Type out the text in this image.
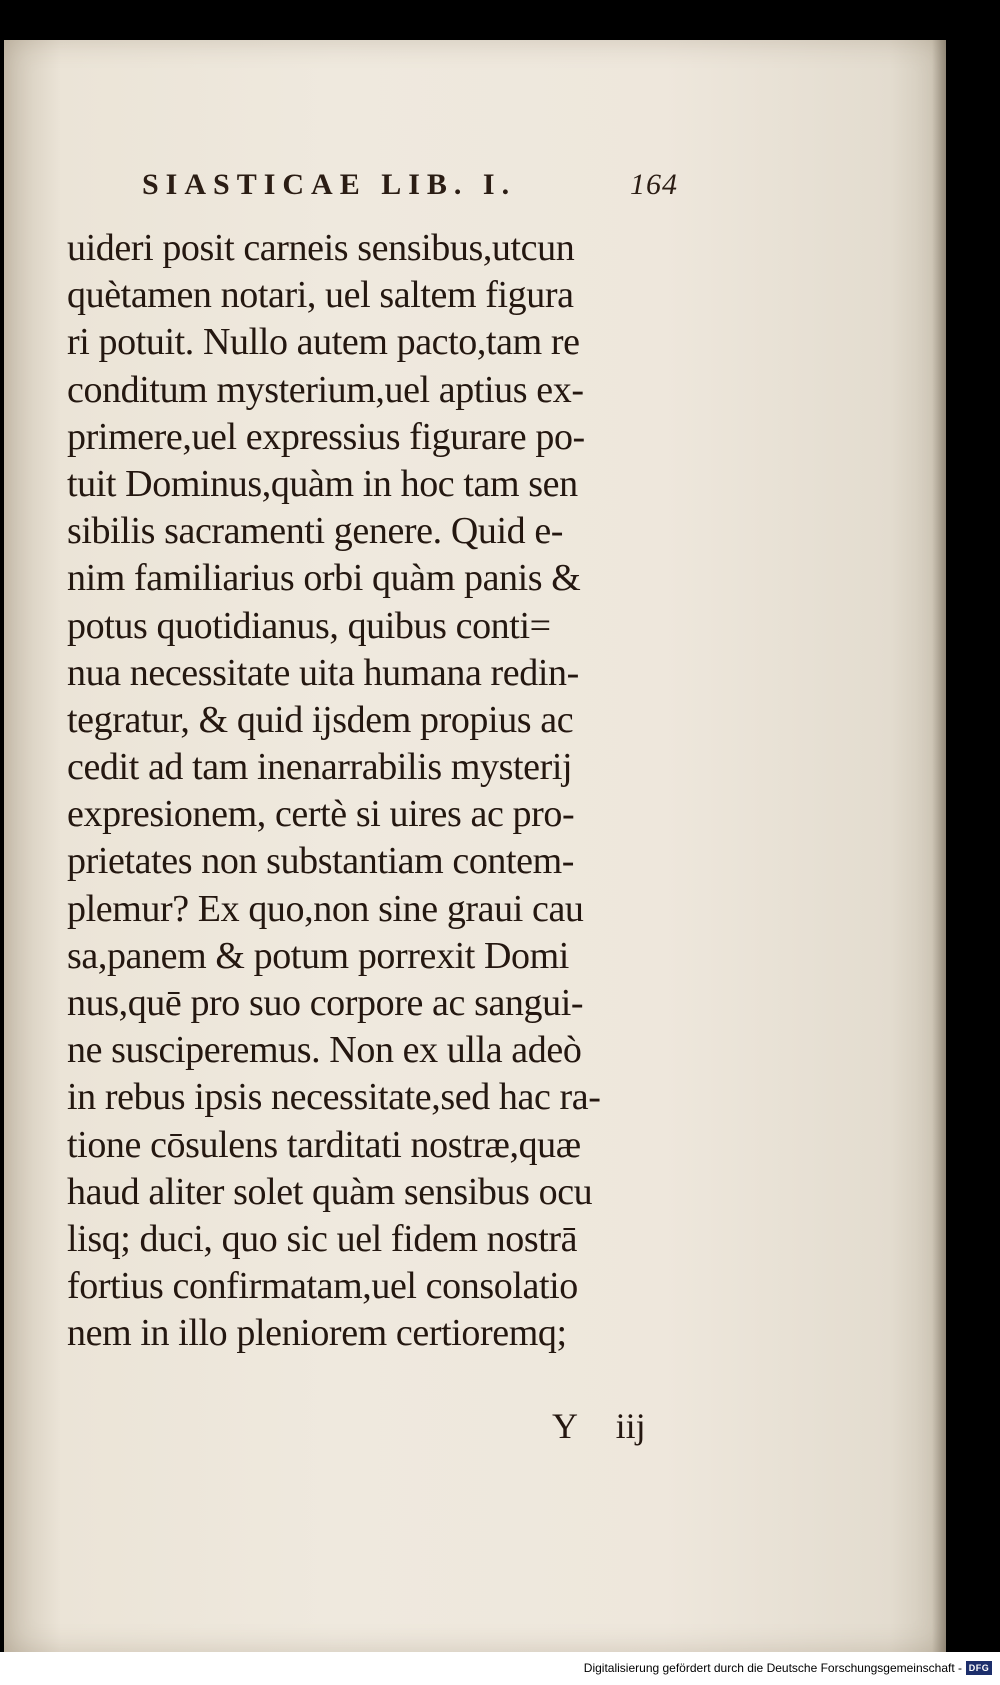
SIASTICAE LIB. I.	164
uideri posit carneis sensibus,utcun
quètamen notari, uel saltem figura
ri potuit. Nullo autem pacto,tam re
conditum mysterium,uel aptius ex-
primere,uel expressius figurare po-
tuit Dominus,quàm in hoc tam sen
sibilis sacramenti genere. Quid e-
nim familiarius orbi quàm panis &
potus quotidianus, quibus conti=
nua necessitate uita humana redin-
tegratur, & quid ijsdem propius ac
cedit ad tam inenarrabilis mysterij
expresionem, certè si uires ac pro-
prietates non substantiam contem-
plemur? Ex quo,non sine graui cau
sa,panem & potum porrexit Domi
nus,quē pro suo corpore ac sangui-
ne susciperemus. Non ex ulla adeò
in rebus ipsis necessitate,sed hac ra-
tione cōsulens tarditati nostræ,quæ
haud aliter solet quàm sensibus ocu
lisq; duci, quo sic uel fidem nostrā
fortius confirmatam,uel consolatio
nem in illo pleniorem certioremq;
Y iij
Digitalisierung gefördert durch die Deutsche Forschungsgemeinschaft - DFG
